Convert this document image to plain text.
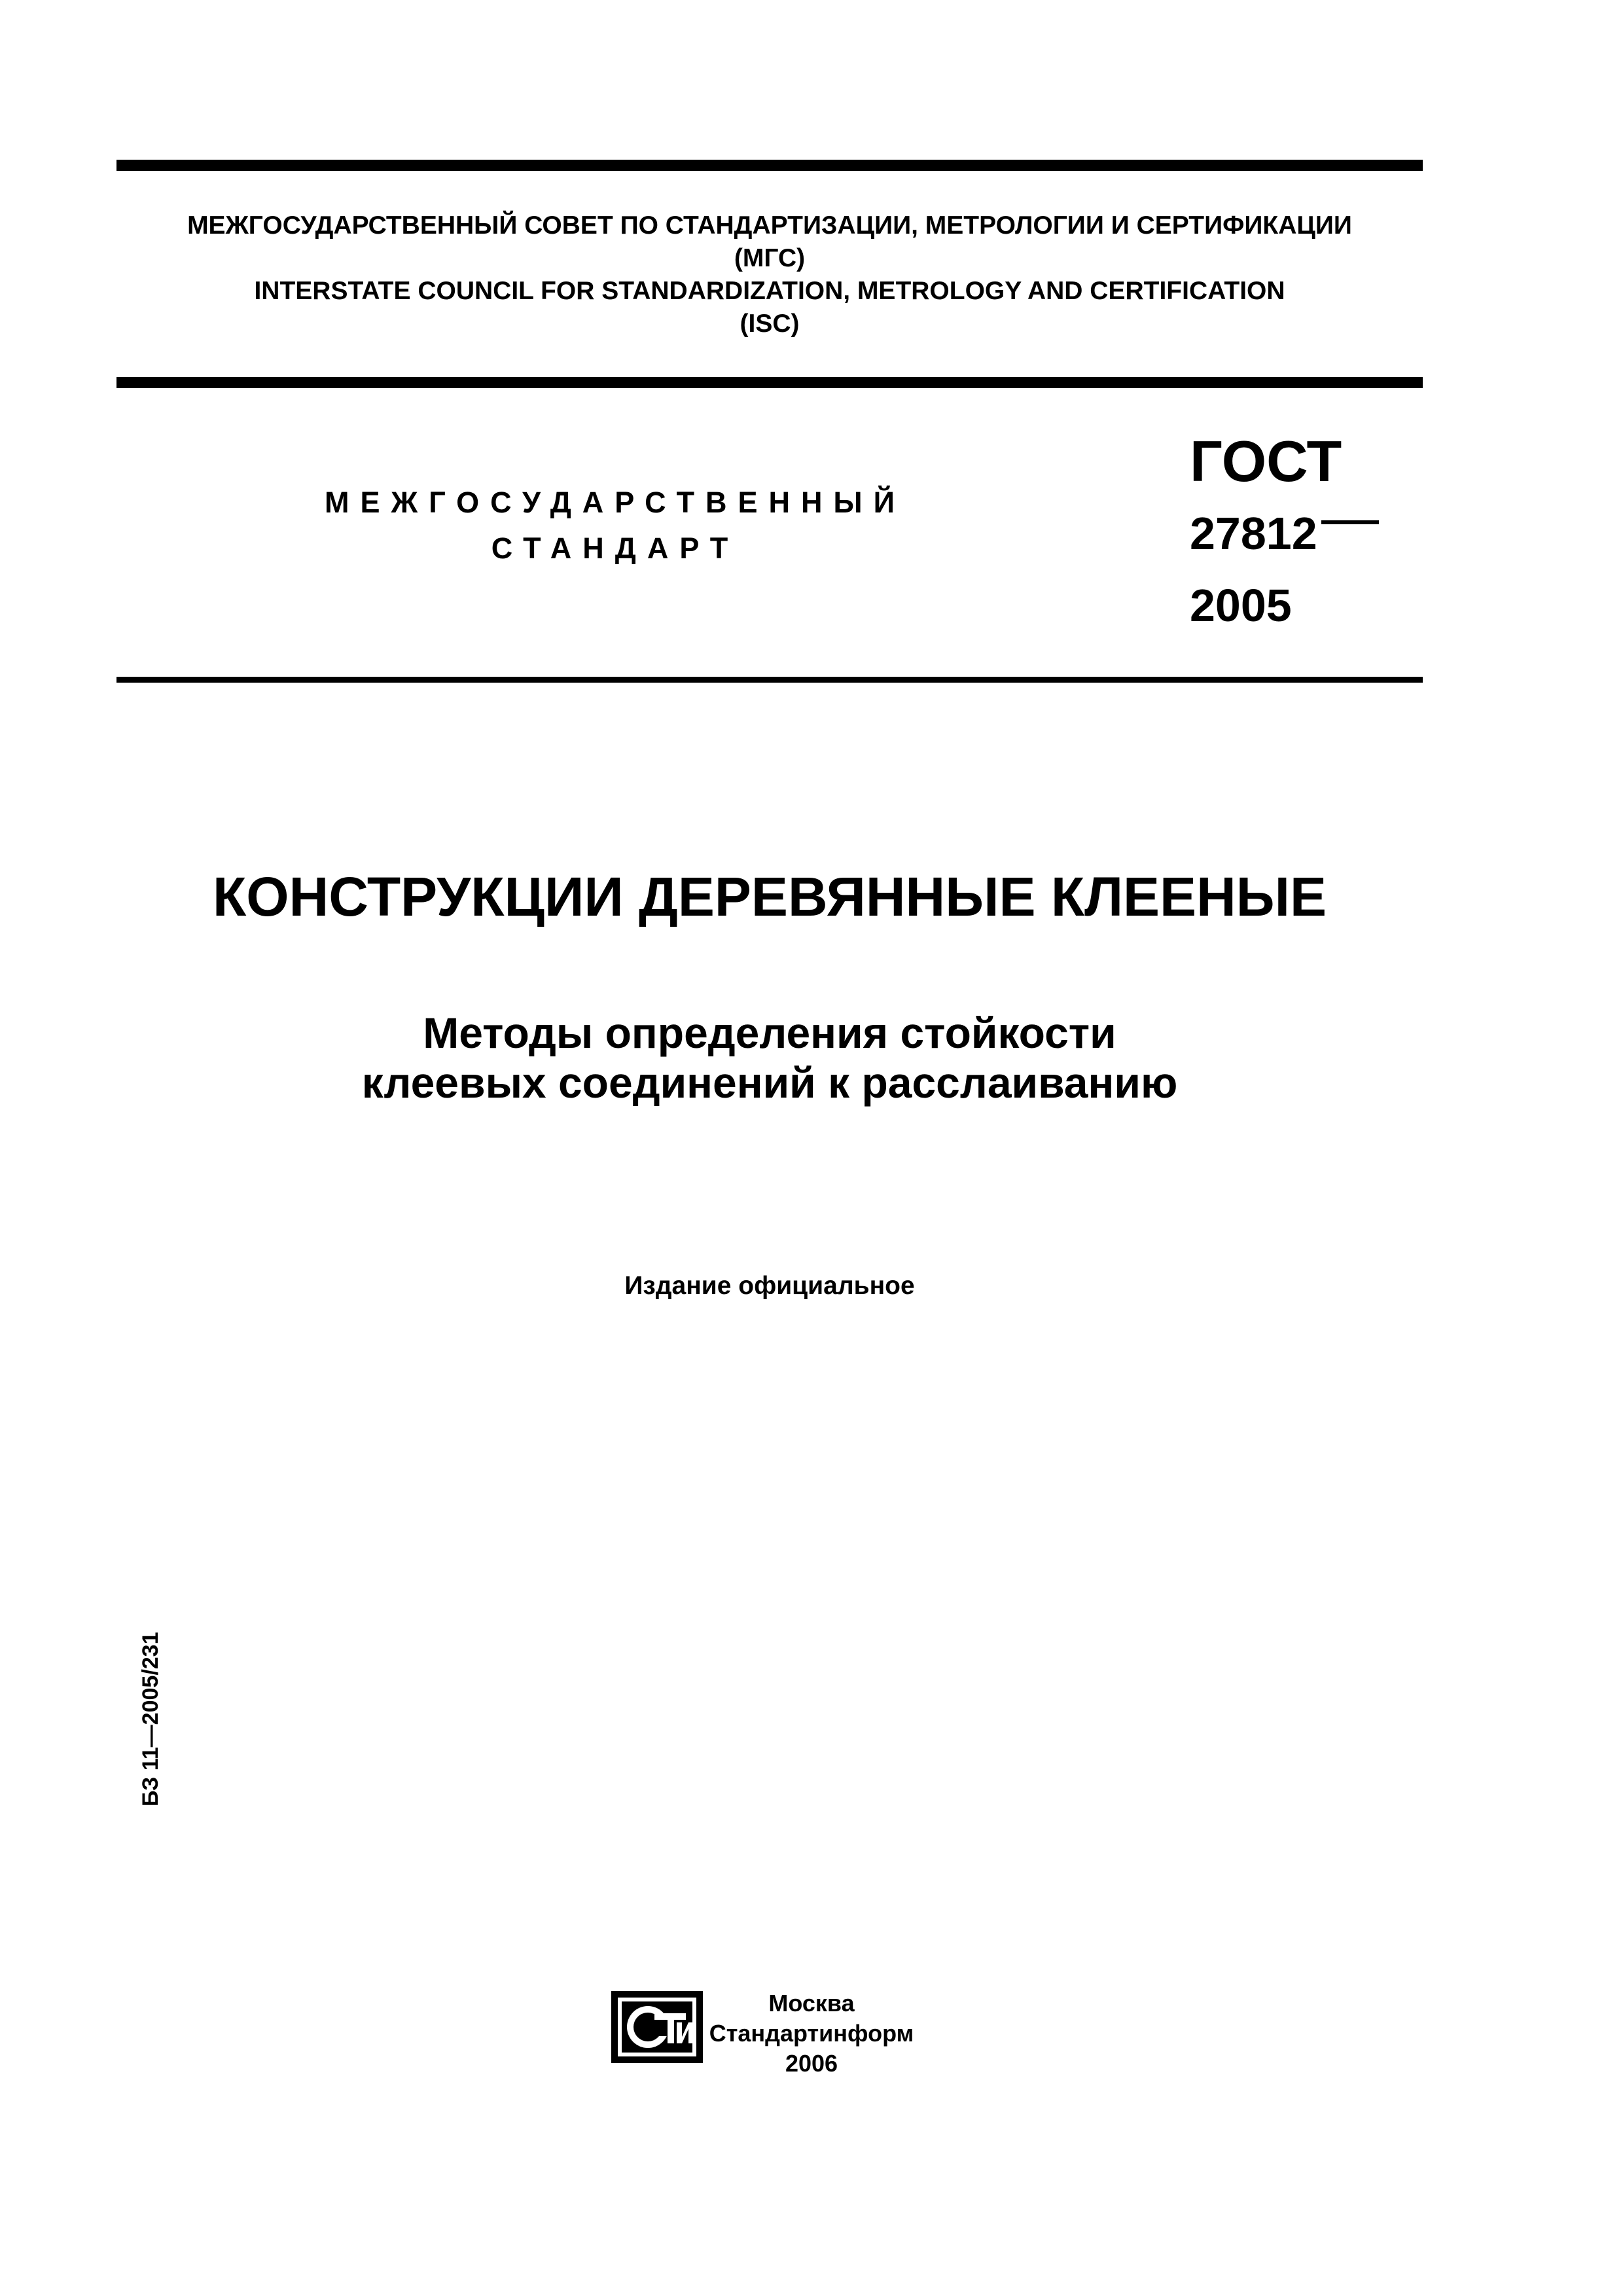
МЕЖГОСУДАРСТВЕННЫЙ СОВЕТ ПО СТАНДАРТИЗАЦИИ, МЕТРОЛОГИИ И СЕРТИФИКАЦИИ
(МГС)
INTERSTATE COUNCIL FOR STANDARDIZATION, METROLOGY AND CERTIFICATION
(ISC)
МЕЖГОСУДАРСТВЕННЫЙ
СТАНДАРТ
ГОСТ
27812
2005
КОНСТРУКЦИИ ДЕРЕВЯННЫЕ КЛЕЕНЫЕ
Методы определения стойкости
клеевых соединений к расслаиванию
Издание официальное
БЗ 11—2005/231
Москва
Стандартинформ
2006
